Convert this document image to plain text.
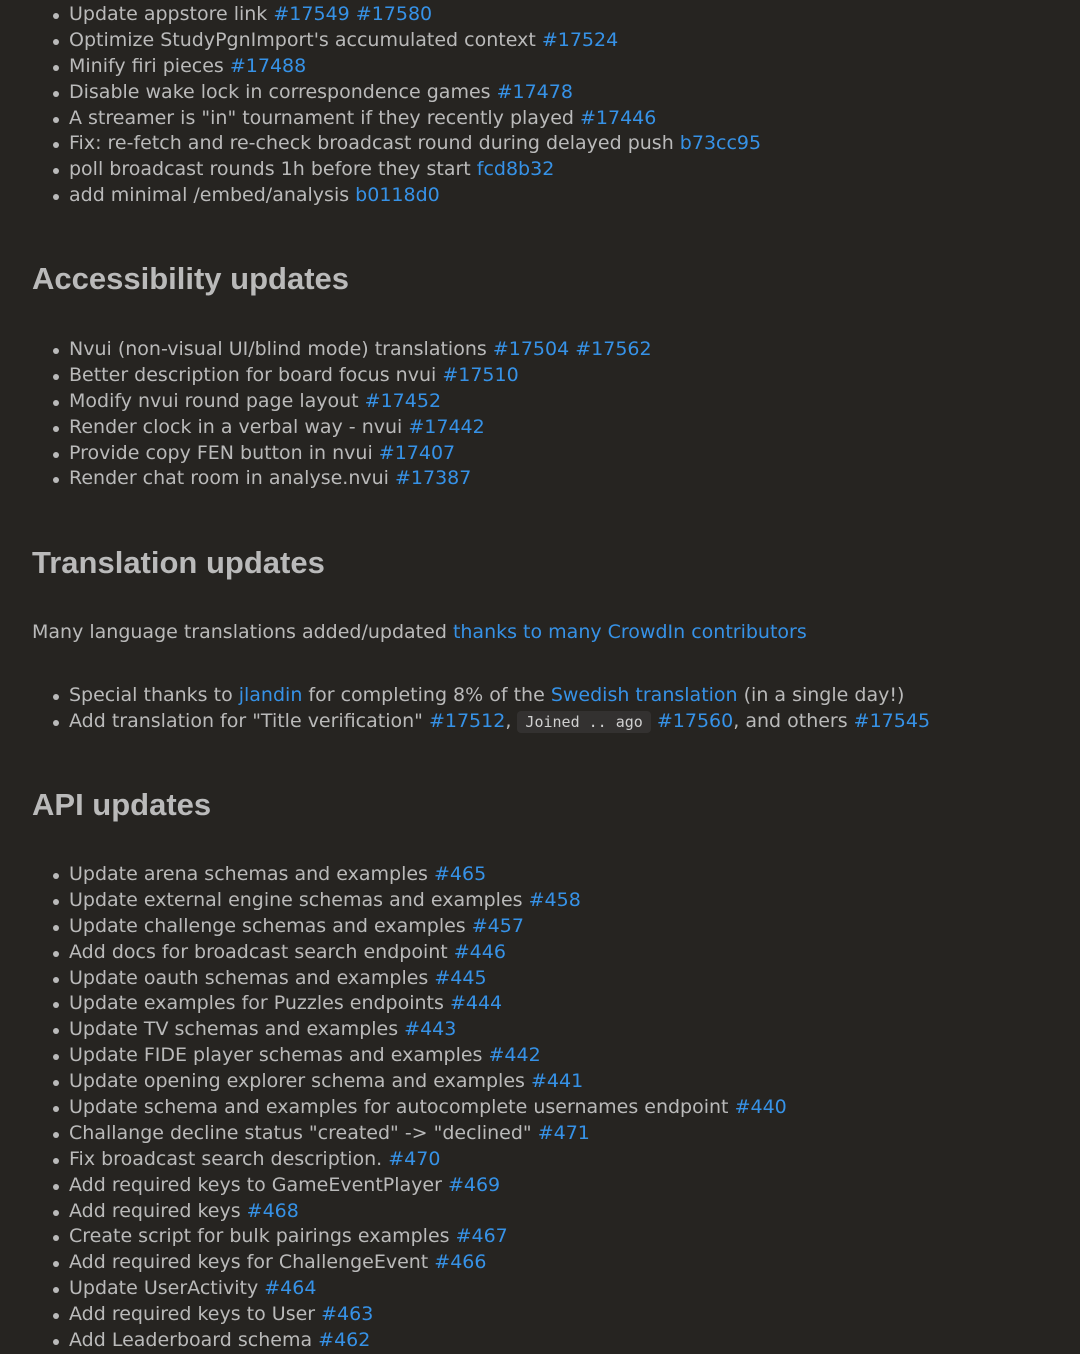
Update appstore link #17549 #17580
Optimize StudyPgnImport's accumulated context #17524
Minify firi pieces #17488
Disable wake lock in correspondence games #17478
A streamer is "in" tournament if they recently played #17446
Fix: re-fetch and re-check broadcast round during delayed push b73cc95
poll broadcast rounds 1h before they start fcd8b32
add minimal /embed/analysis b0118d0
Accessibility updates
Nvui (non-visual UI/blind mode) translations #17504 #17562
Better description for board focus nvui #17510
Modify nvui round page layout #17452
Render clock in a verbal way - nvui #17442
Provide copy FEN button in nvui #17407
Render chat room in analyse.nvui #17387
Translation updates
Many language translations added/updated thanks to many CrowdIn contributors
Special thanks to jlandin for completing 8% of the Swedish translation (in a single day!)
Add translation for "Title verification" #17512, Joined .. ago #17560, and others #17545
API updates
Update arena schemas and examples #465
Update external engine schemas and examples #458
Update challenge schemas and examples #457
Add docs for broadcast search endpoint #446
Update oauth schemas and examples #445
Update examples for Puzzles endpoints #444
Update TV schemas and examples #443
Update FIDE player schemas and examples #442
Update opening explorer schema and examples #441
Update schema and examples for autocomplete usernames endpoint #440
Challange decline status "created" -> "declined" #471
Fix broadcast search description. #470
Add required keys to GameEventPlayer #469
Add required keys #468
Create script for bulk pairings examples #467
Add required keys for ChallengeEvent #466
Update UserActivity #464
Add required keys to User #463
Add Leaderboard schema #462
